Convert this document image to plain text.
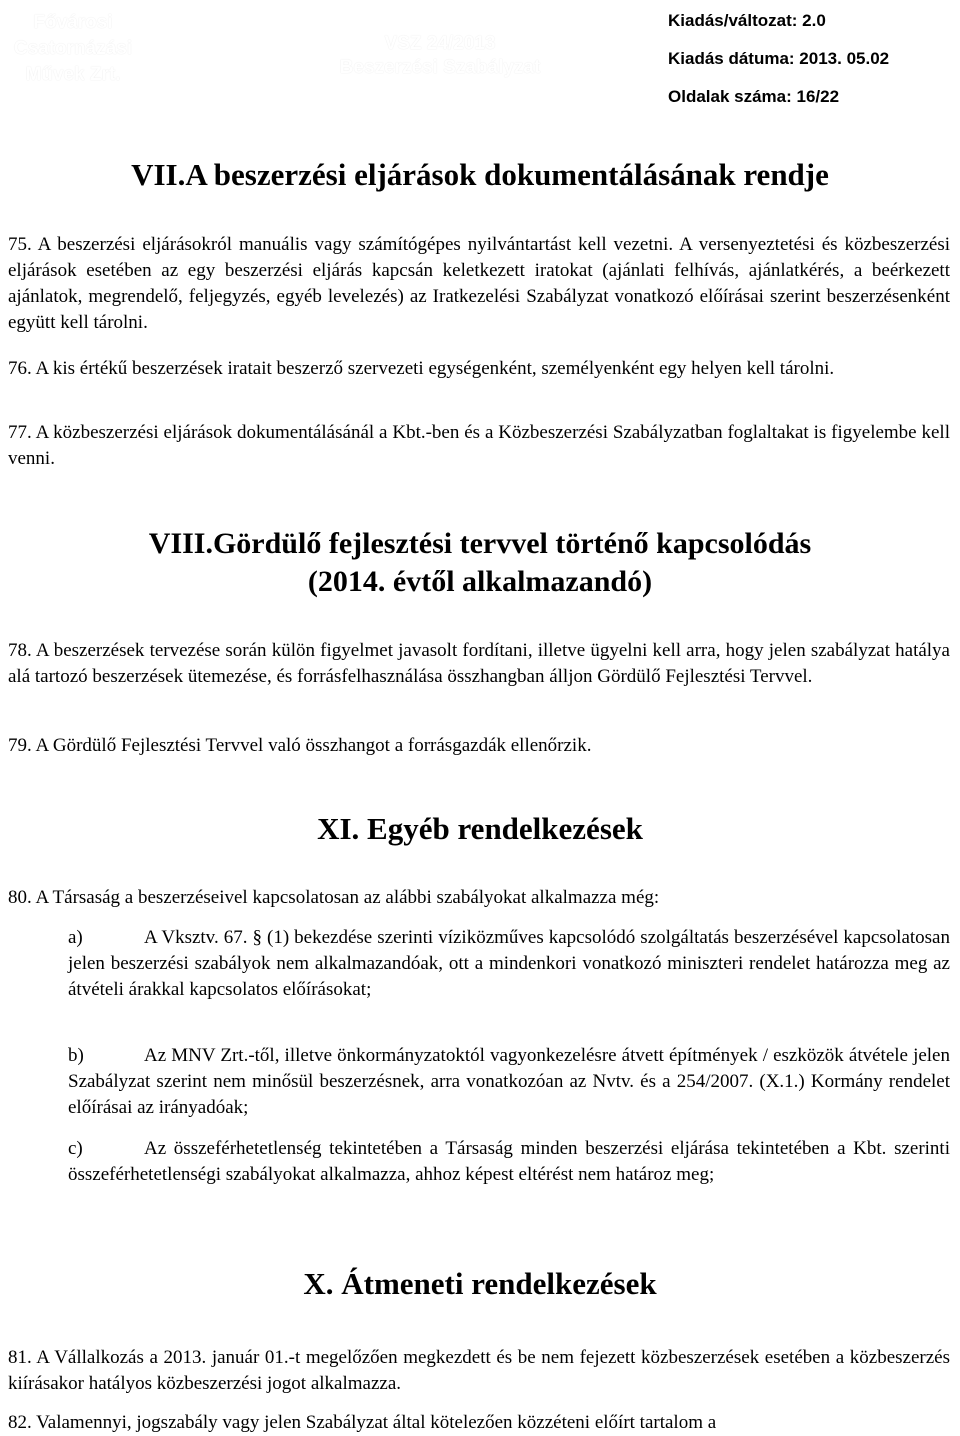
Fővárosi
Csatornázási
Művek Zrt.
VSZ 24/2013
Beszerzési Szabályzat
Kiadás/változat: 2.0
Kiadás dátuma: 2013. 05.02
Oldalak száma: 16/22
VII.A beszerzési eljárások dokumentálásának rendje

75. A beszerzési eljárásokról manuális vagy számítógépes nyilvántartást kell vezetni. A versenyeztetési és közbeszerzési eljárások esetében az egy beszerzési eljárás kapcsán keletkezett iratokat (ajánlati felhívás, ajánlatkérés, a beérkezett ajánlatok, megrendelő, feljegyzés, egyéb levelezés) az Iratkezelési Szabályzat vonatkozó előírásai szerint beszerzésenként együtt kell tárolni.

76. A kis értékű beszerzések iratait beszerző szervezeti egységenként, személyenként egy helyen kell tárolni.

77. A közbeszerzési eljárások dokumentálásánál a Kbt.-ben és a Közbeszerzési Szabályzatban foglaltakat is figyelembe kell venni.

VIII.Gördülő fejlesztési tervvel történő kapcsolódás
(2014. évtől alkalmazandó)

78. A beszerzések tervezése során külön figyelmet javasolt fordítani, illetve ügyelni kell arra, hogy jelen szabályzat hatálya alá tartozó beszerzések ütemezése, és forrásfelhasználása összhangban álljon Gördülő Fejlesztési Tervvel.

79. A Gördülő Fejlesztési Tervvel való összhangot a forrásgazdák ellenőrzik.

XI. Egyéb rendelkezések

80. A Társaság a beszerzéseivel kapcsolatosan az alábbi szabályokat alkalmazza még:

a)	A Vksztv. 67. § (1) bekezdése szerinti víziközműves kapcsolódó szolgáltatás beszerzésével kapcsolatosan jelen beszerzési szabályok nem alkalmazandóak, ott a mindenkori vonatkozó miniszteri rendelet határozza meg az átvételi árakkal kapcsolatos előírásokat;

b)	Az MNV Zrt.-től, illetve önkormányzatoktól vagyonkezelésre átvett építmények / eszközök átvétele jelen Szabályzat szerint nem minősül beszerzésnek, arra vonatkozóan az Nvtv. és a 254/2007. (X.1.) Kormány rendelet előírásai az irányadóak;

c)	Az összeférhetetlenség tekintetében a Társaság minden beszerzési eljárása tekintetében a Kbt. szerinti összeférhetetlenségi szabályokat alkalmazza, ahhoz képest eltérést nem határoz meg;

X. Átmeneti rendelkezések

81. A Vállalkozás a 2013. január 01.-t megelőzően megkezdett és be nem fejezett közbeszerzések esetében a közbeszerzés kiírásakor hatályos közbeszerzési jogot alkalmazza.

82. Valamennyi, jogszabály vagy jelen Szabályzat által kötelezően közzéteni előírt tartalom a
